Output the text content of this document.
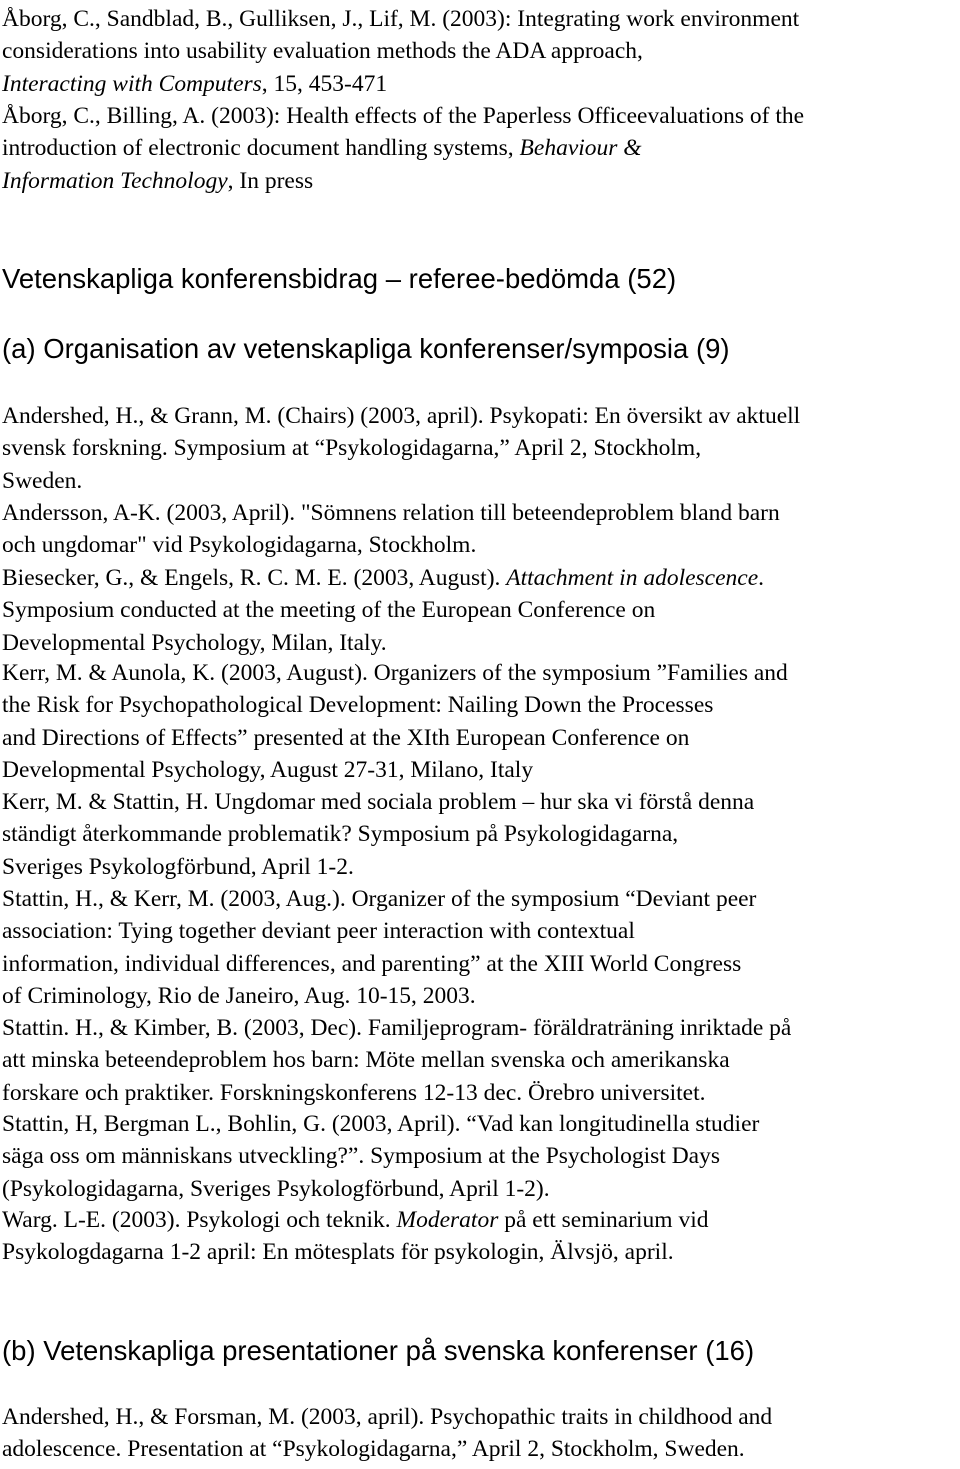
Åborg, C., Sandblad, B., Gulliksen, J., Lif, M. (2003): Integrating work environment
considerations into usability evaluation methods the ADA approach,
Interacting with Computers, 15, 453-471
Åborg, C., Billing, A. (2003): Health effects of the Paperless Officeevaluations of the
introduction of electronic document handling systems, Behaviour &
Information Technology, In press
Vetenskapliga konferensbidrag – referee-bedömda (52)
(a) Organisation av vetenskapliga konferenser/symposia (9)
Andershed, H., & Grann, M. (Chairs) (2003, april). Psykopati: En översikt av aktuell
svensk forskning. Symposium at “Psykologidagarna,” April 2, Stockholm,
Sweden.
Andersson, A-K. (2003, April). "Sömnens relation till beteendeproblem bland barn
och ungdomar" vid Psykologidagarna, Stockholm.
Biesecker, G., & Engels, R. C. M. E. (2003, August). Attachment in adolescence.
Symposium conducted at the meeting of the European Conference on
Developmental Psychology, Milan, Italy.
Kerr, M. & Aunola, K. (2003, August). Organizers of the symposium ”Families and
the Risk for Psychopathological Development: Nailing Down the Processes
and Directions of Effects” presented at the XIth European Conference on
Developmental Psychology, August 27-31, Milano, Italy
Kerr, M. & Stattin, H. Ungdomar med sociala problem – hur ska vi förstå denna
ständigt återkommande problematik? Symposium på Psykologidagarna,
Sveriges Psykologförbund, April 1-2.
Stattin, H., & Kerr, M. (2003, Aug.). Organizer of the symposium “Deviant peer
association: Tying together deviant peer interaction with contextual
information, individual differences, and parenting” at the XIII World Congress
of Criminology, Rio de Janeiro, Aug. 10-15, 2003.
Stattin. H., & Kimber, B. (2003, Dec). Familjeprogram- föräldraträning inriktade på
att minska beteendeproblem hos barn: Möte mellan svenska och amerikanska
forskare och praktiker. Forskningskonferens 12-13 dec. Örebro universitet.
Stattin, H, Bergman L., Bohlin, G. (2003, April). “Vad kan longitudinella studier
säga oss om människans utveckling?”. Symposium at the Psychologist Days
(Psykologidagarna, Sveriges Psykologförbund, April 1-2).
Warg. L-E. (2003). Psykologi och teknik. Moderator på ett seminarium vid
Psykologdagarna 1-2 april: En mötesplats för psykologin, Älvsjö, april.
(b) Vetenskapliga presentationer på svenska konferenser (16)
Andershed, H., & Forsman, M. (2003, april). Psychopathic traits in childhood and
adolescence. Presentation at “Psykologidagarna,” April 2, Stockholm, Sweden.
